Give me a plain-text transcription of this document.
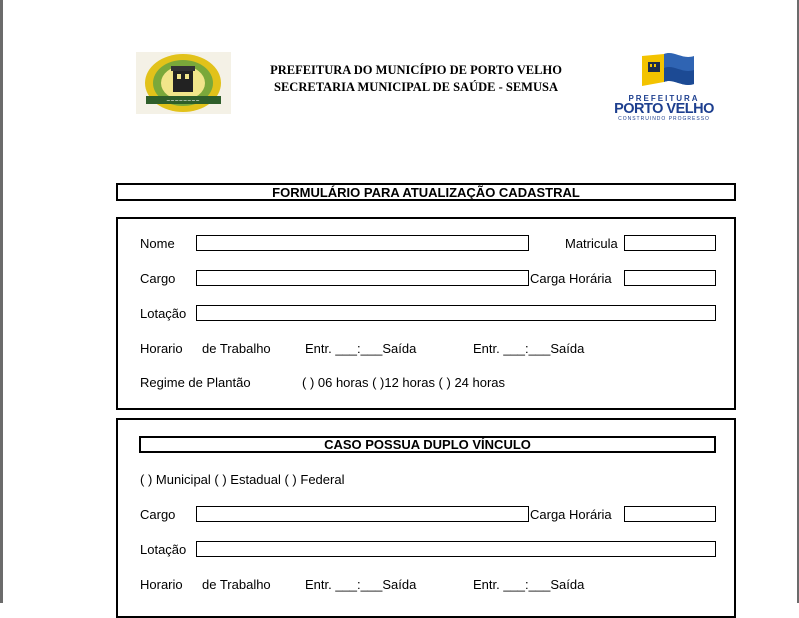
~~~~~~~~
PREFEITURA DO MUNICÍPIO DE PORTO VELHO
SECRETARIA MUNICIPAL DE SAÚDE - SEMUSA
PREFEITURA
PORTO VELHO
CONSTRUINDO PROGRESSO
FORMULÁRIO PARA ATUALIZAÇÃO CADASTRAL
Nome	Matricula
Cargo	Carga Horária
Lotação
Horario de Trabalho	Entr. ___:___Saída	Entr. ___:___Saída
Regime de Plantão	( ) 06 horas ( )12 horas ( ) 24 horas
CASO POSSUA DUPLO VÍNCULO
( ) Municipal ( ) Estadual ( ) Federal
Cargo	Carga Horária
Lotação
Horario de Trabalho	Entr. ___:___Saída	Entr. ___:___Saída
